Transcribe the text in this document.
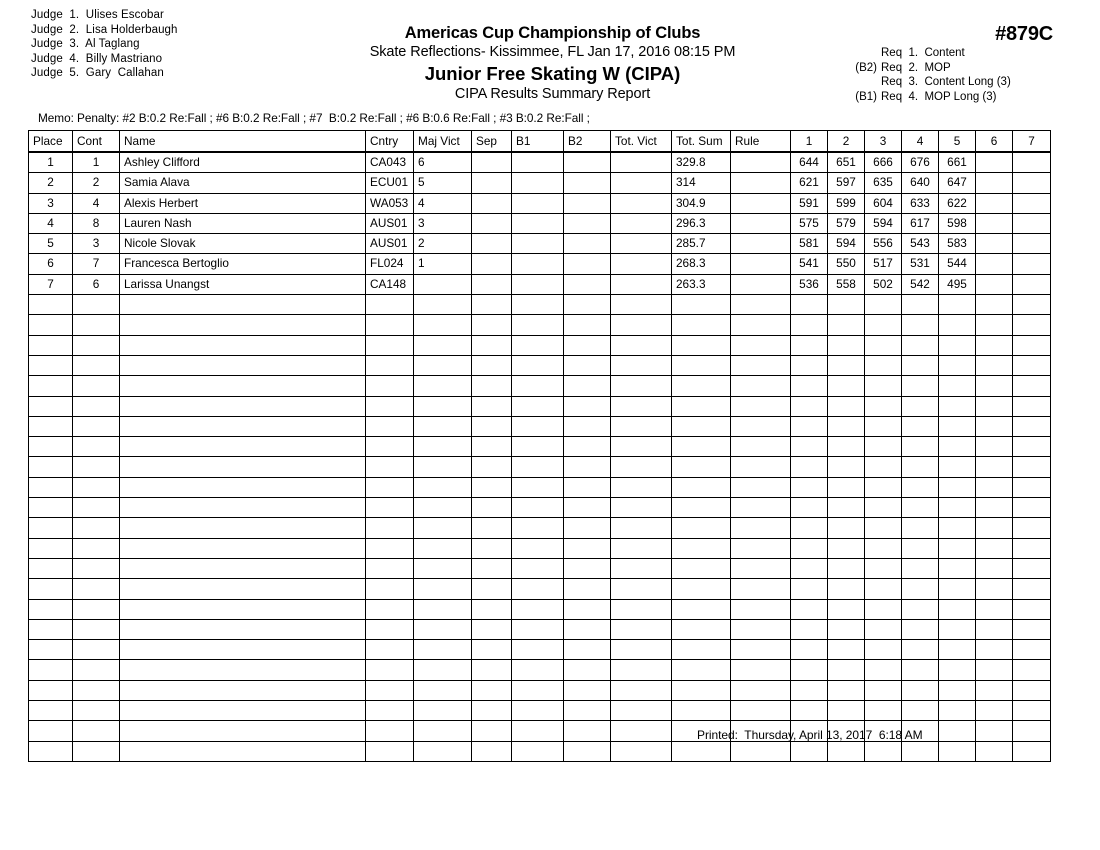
Judge  1.  Ulises Escobar
Judge  2.  Lisa Holderbaugh
Judge  3.  Al Taglang
Judge  4.  Billy Mastriano
Judge  5.  Gary  Callahan
Americas Cup Championship of Clubs
Skate Reflections- Kissimmee, FL Jan 17, 2016 08:15 PM
Junior Free Skating W (CIPA)
CIPA Results Summary Report
#879C
Req  1.  Content
(B2) Req  2.  MOP
Req  3.  Content Long (3)
(B1) Req  4.  MOP Long (3)
Memo: Penalty: #2 B:0.2 Re:Fall ; #6 B:0.2 Re:Fall ; #7  B:0.2 Re:Fall ; #6 B:0.6 Re:Fall ; #3 B:0.2 Re:Fall ;
Place	Cont	Name	Cntry	Maj Vict	Sep	B1	B2	Tot. Vict	Tot. Sum	Rule	1	2	3	4	5	6	7
1	1	Ashley Clifford	CA043	6					329.8		644	651	666	676	661		
2	2	Samia Alava	ECU01	5					314		621	597	635	640	647		
3	4	Alexis Herbert	WA053	4					304.9		591	599	604	633	622		
4	8	Lauren Nash	AUS01	3					296.3		575	579	594	617	598		
5	3	Nicole Slovak	AUS01	2					285.7		581	594	556	543	583		
6	7	Francesca Bertoglio	FL024	1					268.3		541	550	517	531	544		
7	6	Larissa Unangst	CA148						263.3		536	558	502	542	495		

Printed:  Thursday, April 13, 2017  6:18 AM
